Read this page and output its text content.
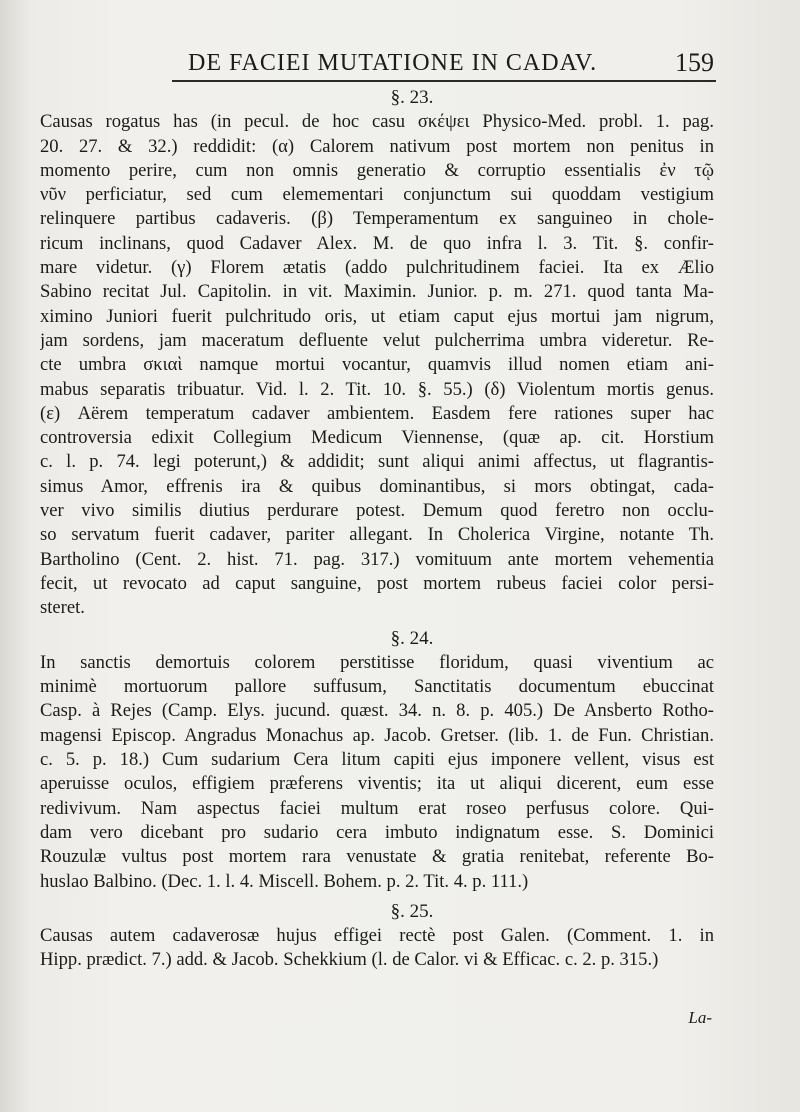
DE FACIEI MUTATIONE IN CADAV.	159
§. 23.
Causas rogatus has (in pecul. de hoc casu σκέψει Physico-Med. probl. 1. pag.
20. 27. & 32.) reddidit: (α) Calorem nativum post mortem non penitus in
momento perire, cum non omnis generatio & corruptio essentialis ἐν τῷ
νῦν perficiatur, sed cum elemementari conjunctum sui quoddam vestigium
relinquere partibus cadaveris. (β) Temperamentum ex sanguineo in chole-
ricum inclinans, quod Cadaver Alex. M. de quo infra l. 3. Tit. §. confir-
mare videtur. (γ) Florem ætatis (addo pulchritudinem faciei. Ita ex Ælio
Sabino recitat Jul. Capitolin. in vit. Maximin. Junior. p. m. 271. quod tanta Ma-
ximino Juniori fuerit pulchritudo oris, ut etiam caput ejus mortui jam nigrum,
jam sordens, jam maceratum defluente velut pulcherrima umbra videretur. Re-
cte umbra σκιαὶ namque mortui vocantur, quamvis illud nomen etiam ani-
mabus separatis tribuatur. Vid. l. 2. Tit. 10. §. 55.) (δ) Violentum mortis genus.
(ε) Aërem temperatum cadaver ambientem. Easdem fere rationes super hac
controversia edixit Collegium Medicum Viennense, (quæ ap. cit. Horstium
c. l. p. 74. legi poterunt,) & addidit; sunt aliqui animi affectus, ut flagrantis-
simus Amor, effrenis ira & quibus dominantibus, si mors obtingat, cada-
ver vivo similis diutius perdurare potest. Demum quod feretro non occlu-
so servatum fuerit cadaver, pariter allegant. In Cholerica Virgine, notante Th.
Bartholino (Cent. 2. hist. 71. pag. 317.) vomituum ante mortem vehementia
fecit, ut revocato ad caput sanguine, post mortem rubeus faciei color persi-
steret.
§. 24.
In sanctis demortuis colorem perstitisse floridum, quasi viventium ac
minimè mortuorum pallore suffusum, Sanctitatis documentum ebuccinat
Casp. à Rejes (Camp. Elys. jucund. quæst. 34. n. 8. p. 405.) De Ansberto Rotho-
magensi Episcop. Angradus Monachus ap. Jacob. Gretser. (lib. 1. de Fun. Christian.
c. 5. p. 18.) Cum sudarium Cera litum capiti ejus imponere vellent, visus est
aperuisse oculos, effigiem præferens viventis; ita ut aliqui dicerent, eum esse
redivivum. Nam aspectus faciei multum erat roseo perfusus colore. Qui-
dam vero dicebant pro sudario cera imbuto indignatum esse. S. Dominici
Rouzulæ vultus post mortem rara venustate & gratia renitebat, referente Bo-
huslao Balbino. (Dec. 1. l. 4. Miscell. Bohem. p. 2. Tit. 4. p. 111.)
§. 25.
Causas autem cadaverosæ hujus effigei rectè post Galen. (Comment. 1. in
Hipp. prædict. 7.) add. & Jacob. Schekkium (l. de Calor. vi & Efficac. c. 2. p. 315.)
La-
